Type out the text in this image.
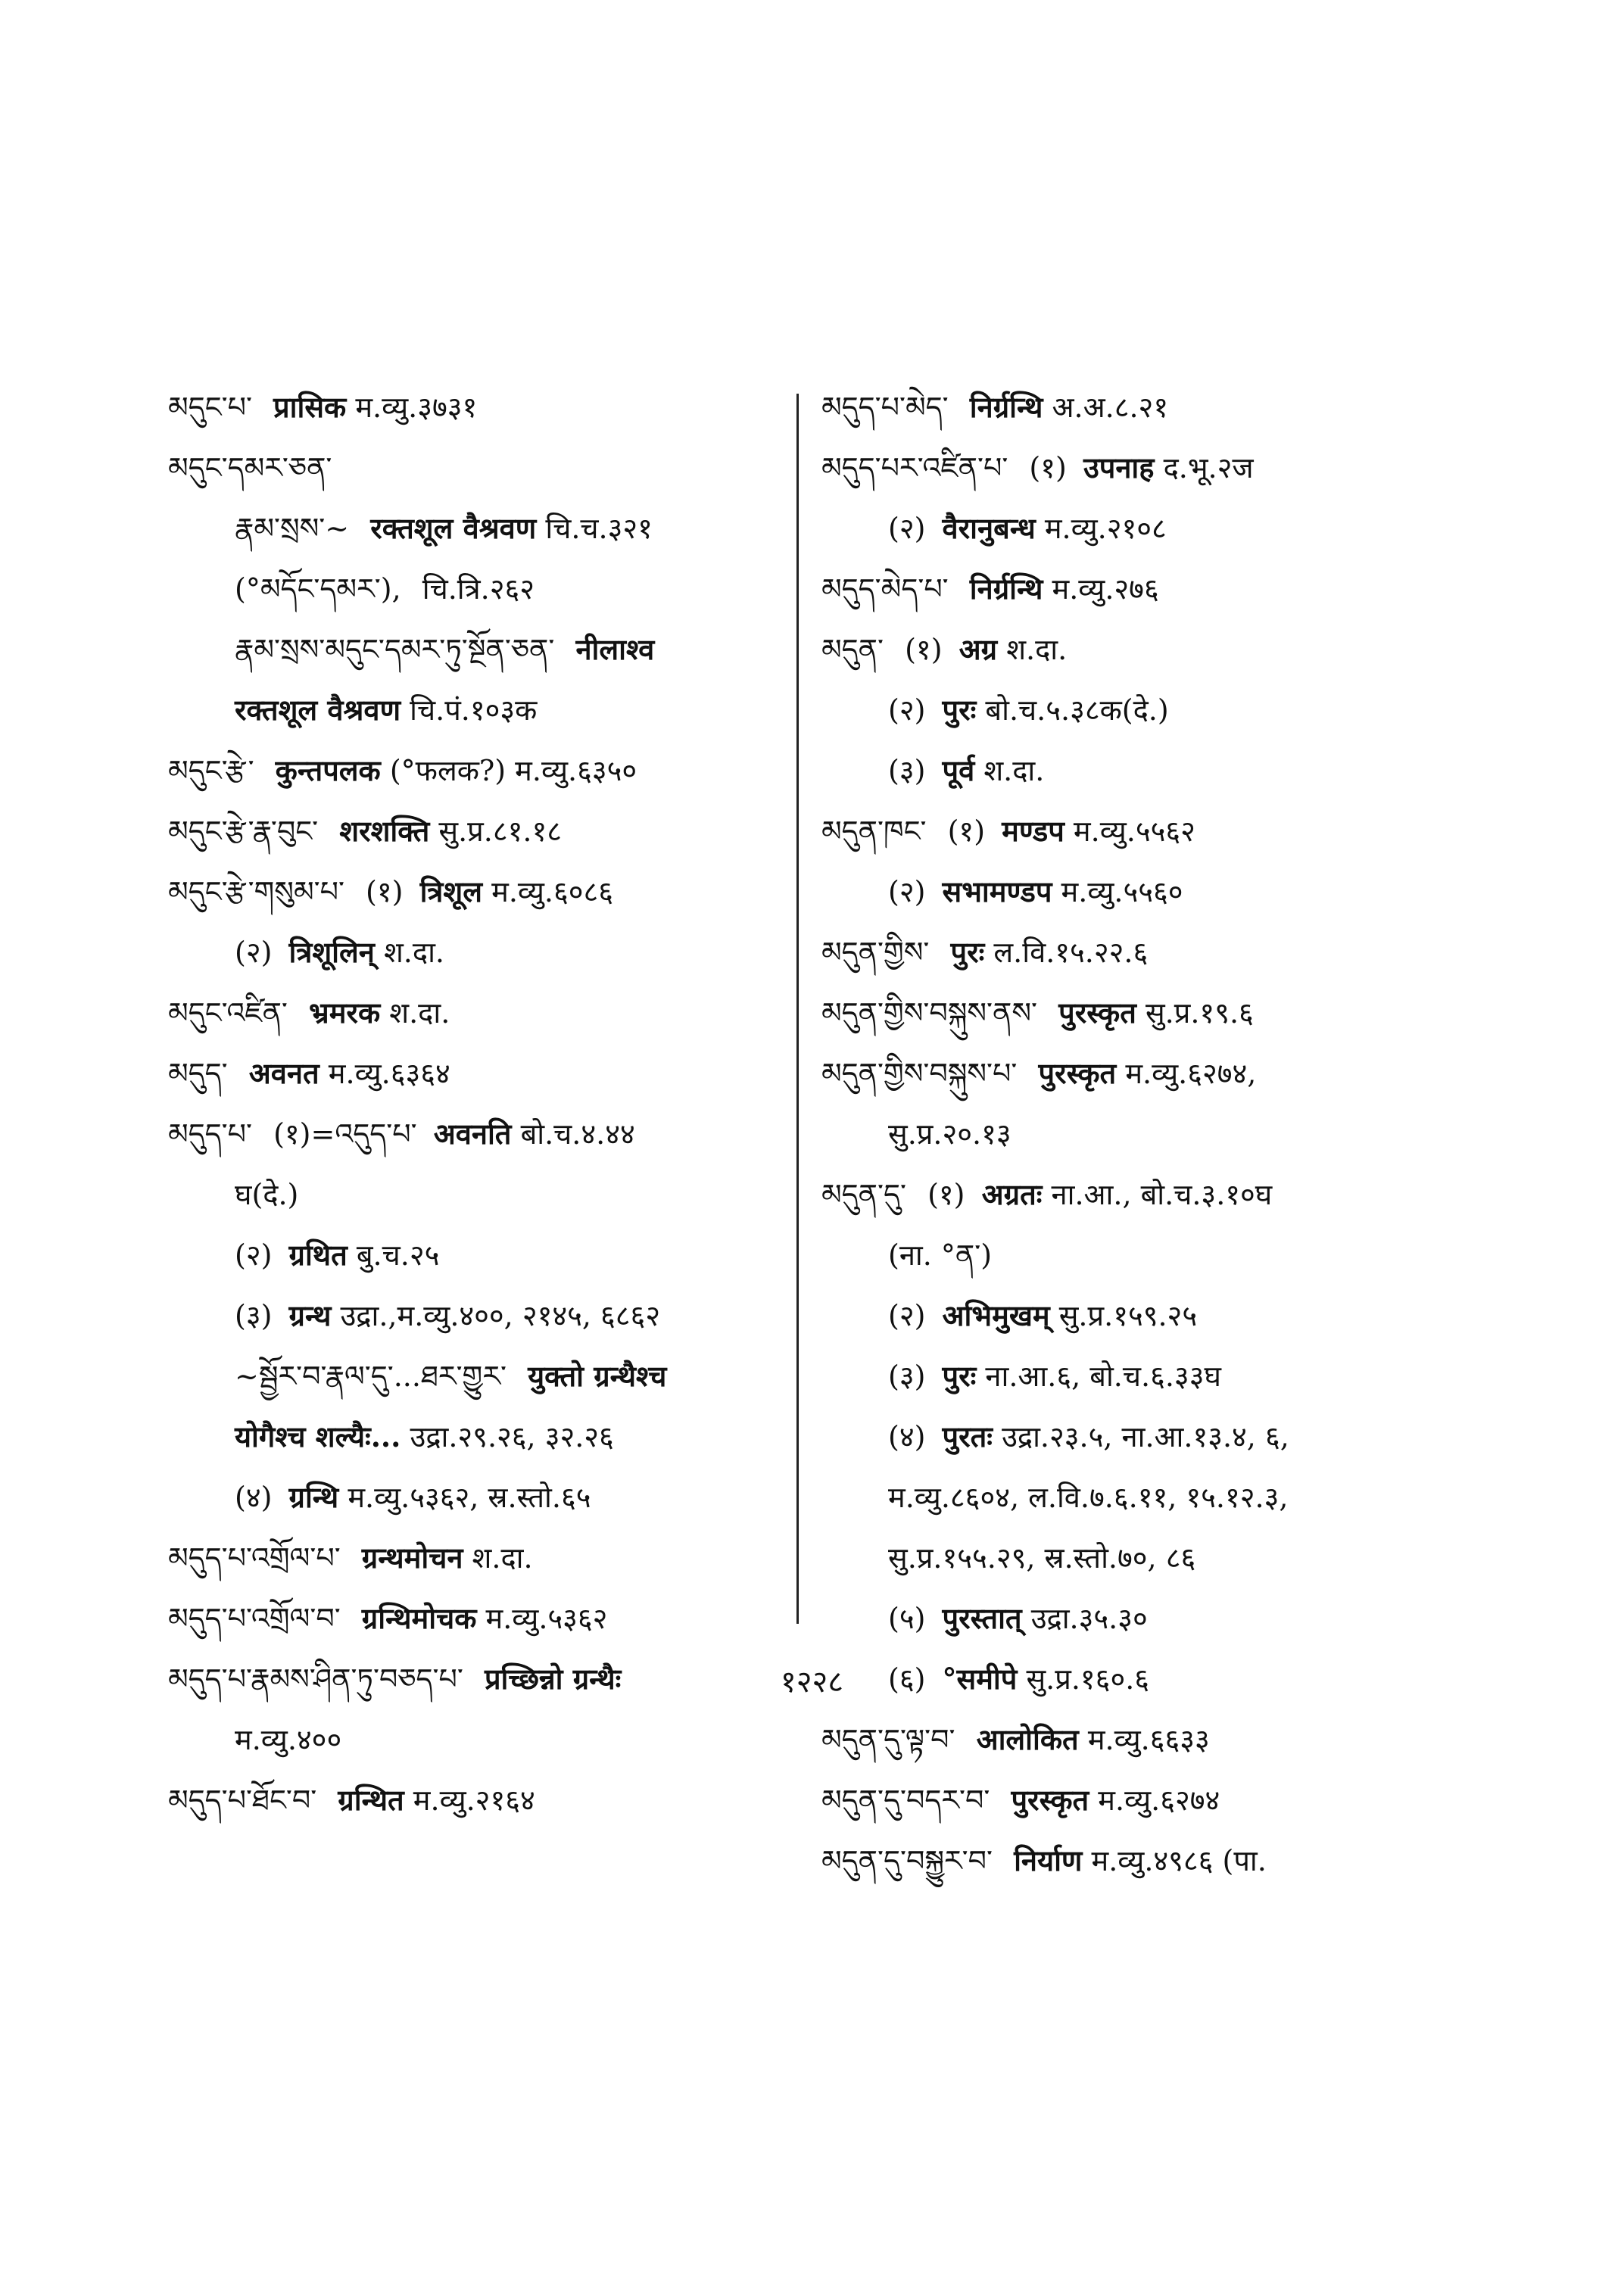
མདུང་པ་ प्रासिक म.व्यु.३७३१
མདུང་དམར་ཅན་
རྣམ་སྲས་~ रक्तशूल वैश्रवण चि.च.३२१
(°མདོང་དམར་), चि.त्रि.२६२
རྣམ་སྲས་མདུང་དམར་ཏུ་སྔོན་ཅན་ नीलाश्व
रक्तशूल वैश्रवण चि.पं.१०३क
མདུང་རྩེ་ कुन्तपलक (°फलक?) म.व्यु.६३५०
མདུང་རྩེ་རྣ་བུང་ शरशक्ति सु.प्र.८१.१८
མདུང་རྩེ་གསུམ་པ་ (१) त्रिशूल म.व्यु.६०८६
(२) त्रिशूलिन् श.दा.
མདུང་འཛིན་ भ्रमरक श.दा.
མདུད་ अवनत म.व्यु.६३६४
མདུད་པ་ (१)=འདུད་པ་ अवनति बो.च.४.४४
घ(दे.)
(२) ग्रथित बु.च.२५
(३) ग्रन्थ उद्रा.,म.व्यु.४००, २१४५, ६८६२
~སྦྱོར་བ་རྣལ་དུ་...ཐར་གྱུར་ युक्तो ग्रन्थैश्च
योगैश्च शल्यैः... उद्रा.२९.२६, ३२.२६
(४) ग्रन्थि म.व्यु.५३६२, स्र.स्तो.६५
མདུད་པ་འགྲོལ་པ་ ग्रन्थमोचन श.दा.
མདུད་པ་འགྲོལ་བ་ ग्रन्थिमोचक म.व्यु.५३६२
མདུད་པ་རྣམས་ཤིན་ཏུ་བཅད་པ་ प्रच्छिन्नो ग्रन्थैः
म.व्यु.४००
མདུད་པ་ཐོང་བ་ ग्रन्थित म.व्यु.२१६४
མདུད་པ་མེད་ निर्ग्रन्थि अ.अ.८.२१
མདུད་པར་འཛིན་པ་ (१) उपनाह द.भू.२ज
(२) वैरानुबन्ध म.व्यु.२१०८
མདུད་མེད་པ་ निर्ग्रन्थि म.व्यु.२७६
མདུན་ (१) अग्र श.दा.
(२) पुरः बो.च.५.३८क(दे.)
(३) पूर्व श.दा.
མདུན་ཁང་ (१) मण्डप म.व्यु.५५६२
(२) सभामण्डप म.व्यु.५५६०
མདུན་གྱིས་ पुरः ल.वि.१५.२२.६
མདུན་གྱིས་བསྐུས་ནས་ पुरस्कृत सु.प्र.१९.६
མདུན་གྱིས་བསྐུས་པ་ पुरस्कृत म.व्यु.६२७४,
सु.प्र.२०.१३
མདུན་དུ་ (१) अग्रतः ना.आ., बो.च.३.१०घ
(ना. °ན་)
(२) अभिमुखम् सु.प्र.१५९.२५
(३) पुरः ना.आ.६, बो.च.६.३३घ
(४) पुरतः उद्रा.२३.५, ना.आ.१३.४, ६,
म.व्यु.८६०४, ल.वि.७.६.११, १५.१२.३,
सु.प्र.१५५.२९, स्र.स्तो.७०, ८६
(५) पुरस्तात् उद्रा.३५.३०
(६) °समीपे सु.प्र.१६०.६
མདུན་དུ་ལྟ་བ་ आलोकित म.व्यु.६६३३
མདུན་དུ་བདར་བ་ पुरस्कृत म.व्यु.६२७४
མདུན་དུ་བསྐྱུར་བ་ निर्याण म.व्यु.४९८६ (पा.
१२२८
